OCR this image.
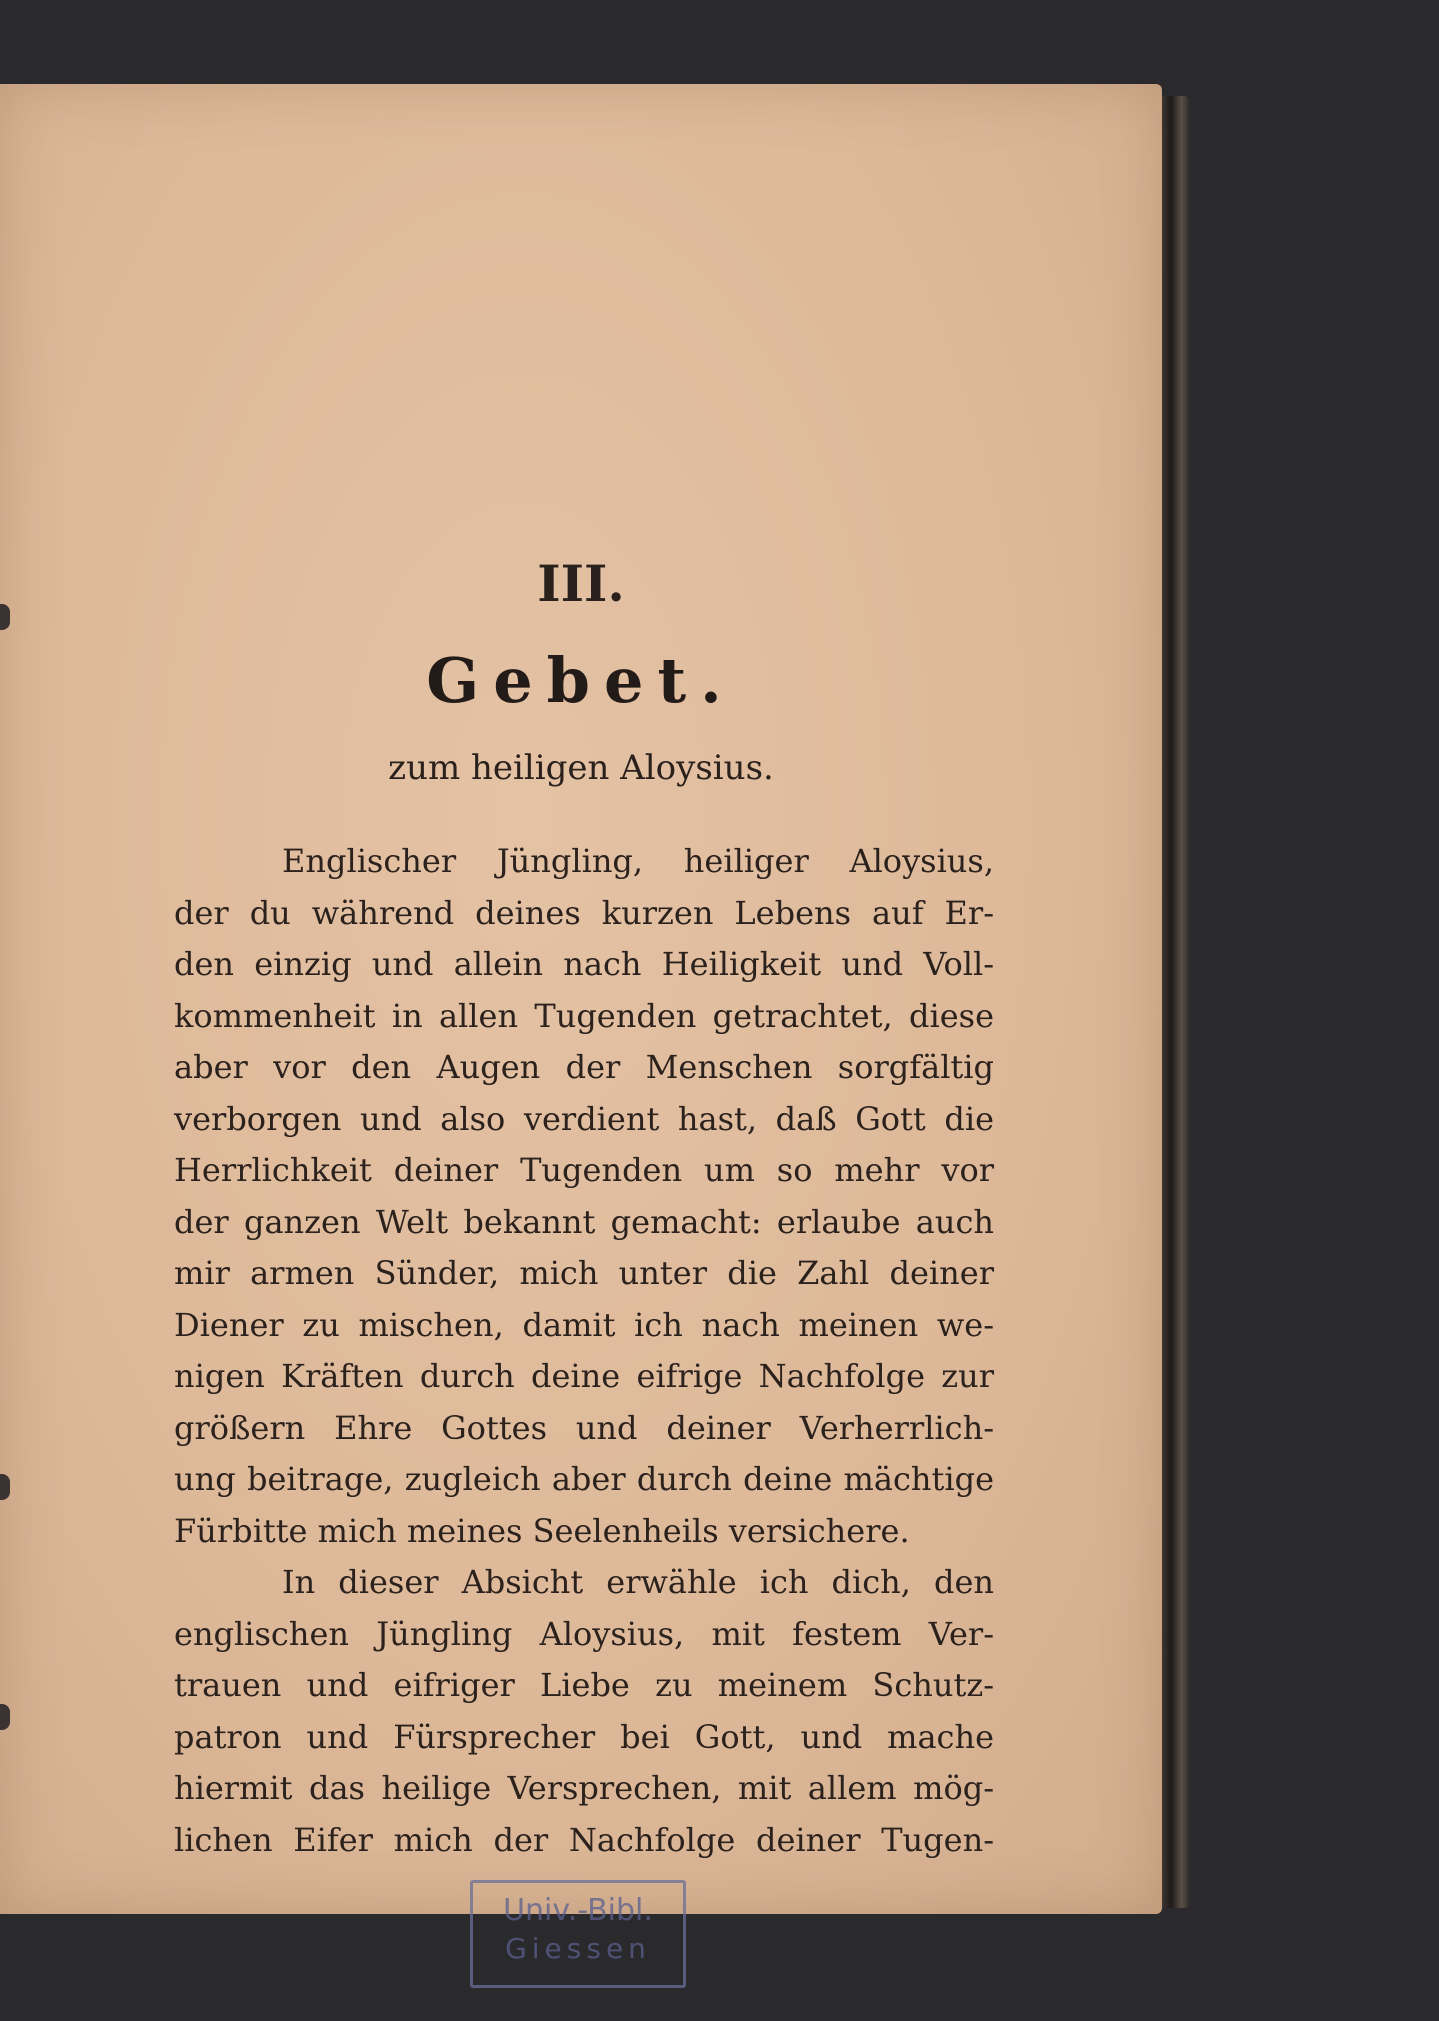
III.
Gebet.
zum heiligen Aloysius.
Englischer Jüngling, heiliger Aloysius,
der du während deines kurzen Lebens auf Er-
den einzig und allein nach Heiligkeit und Voll-
kommenheit in allen Tugenden getrachtet, diese
aber vor den Augen der Menschen sorgfältig
verborgen und also verdient hast, daß Gott die
Herrlichkeit deiner Tugenden um so mehr vor
der ganzen Welt bekannt gemacht: erlaube auch
mir armen Sünder, mich unter die Zahl deiner
Diener zu mischen, damit ich nach meinen we-
nigen Kräften durch deine eifrige Nachfolge zur
größern Ehre Gottes und deiner Verherrlich-
ung beitrage, zugleich aber durch deine mächtige
Fürbitte mich meines Seelenheils versichere.
In dieser Absicht erwähle ich dich, den
englischen Jüngling Aloysius, mit festem Ver-
trauen und eifriger Liebe zu meinem Schutz-
patron und Fürsprecher bei Gott, und mache
hiermit das heilige Versprechen, mit allem mög-
lichen Eifer mich der Nachfolge deiner Tugen-
Univ.-Bibl.
Giessen
